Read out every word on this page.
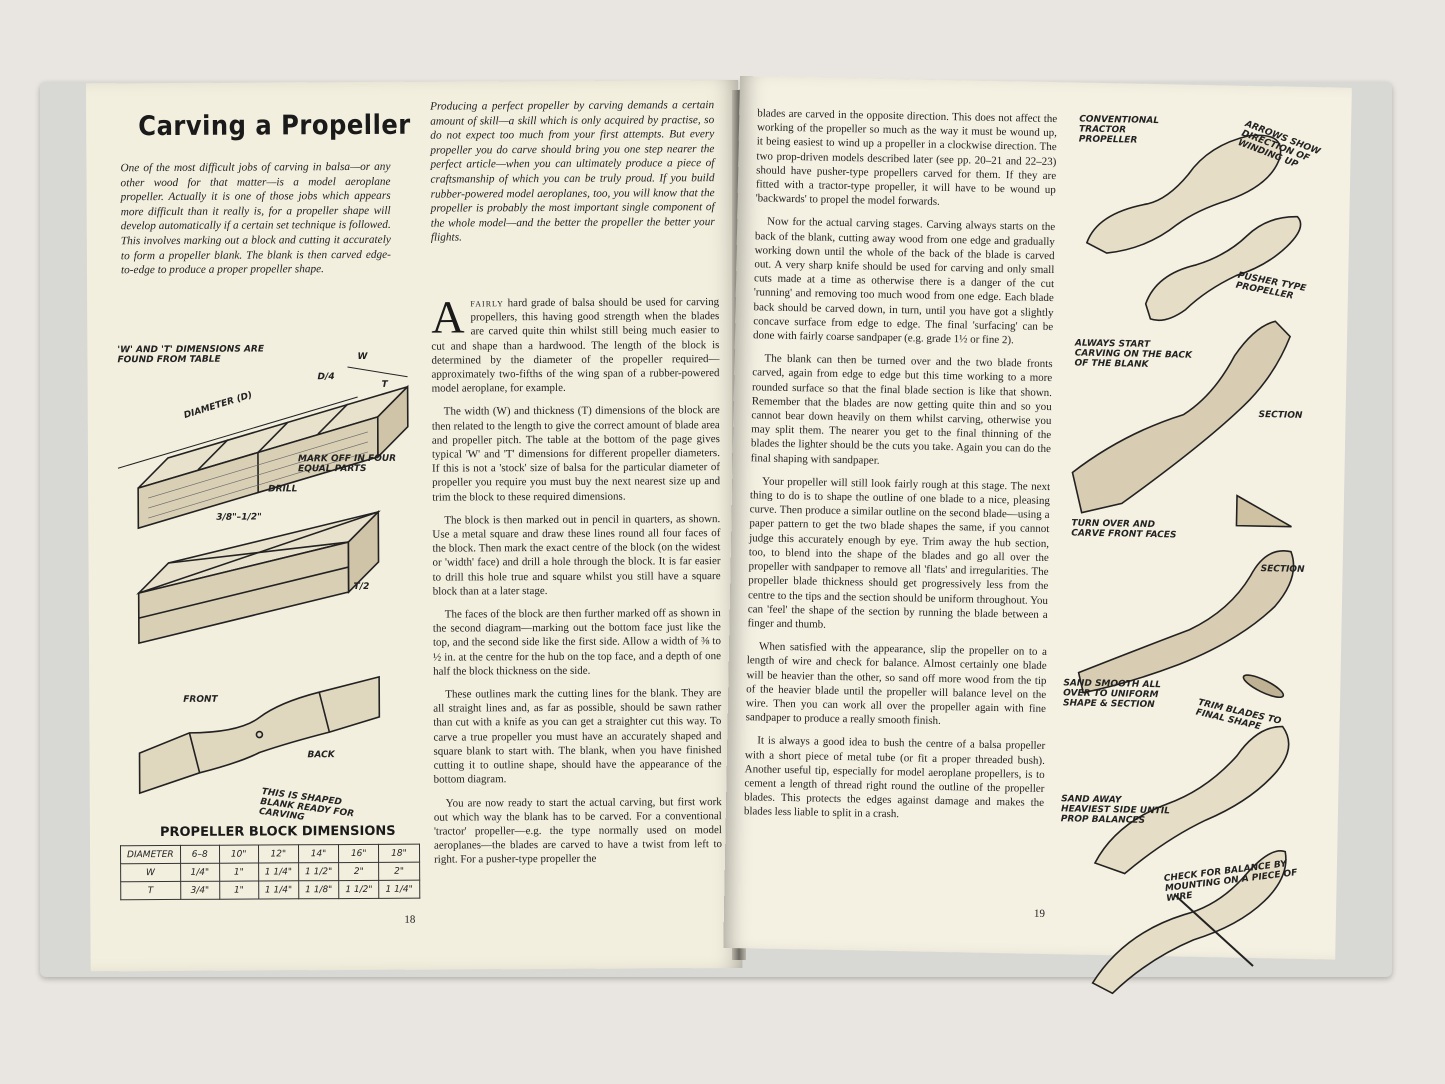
Carving a Propeller
One of the most difficult jobs of carving in balsa—or any other wood for that matter—is a model aeroplane propeller. Actually it is one of those jobs which appears more difficult than it really is, for a propeller shape will develop automatically if a certain set technique is followed. This involves marking out a block and cutting it accurately to form a propeller blank. The blank is then carved edge-to-edge to produce a proper propeller shape.
Producing a perfect propeller by carving demands a certain amount of skill—a skill which is only acquired by practise, so do not expect too much from your first attempts. But every propeller you do carve should bring you one step nearer the perfect article—when you can ultimately produce a piece of craftsmanship of which you can be truly proud. If you build rubber-powered model aeroplanes, too, you will know that the propeller is probably the most important single component of the whole model—and the better the propeller the better your flights.

Afairly hard grade of balsa should be used for carving propellers, this having good strength when the blades are carved quite thin whilst still being much easier to cut and shape than a hardwood. The length of the block is determined by the diameter of the propeller required—approximately two-fifths of the wing span of a rubber-powered model aeroplane, for example.

The width (W) and thickness (T) dimensions of the block are then related to the length to give the correct amount of blade area and propeller pitch. The table at the bottom of the page gives typical 'W' and 'T' dimensions for different propeller diameters. If this is not a 'stock' size of balsa for the particular diameter of propeller you require you must buy the next nearest size up and trim the block to these required dimensions.

The block is then marked out in pencil in quarters, as shown. Use a metal square and draw these lines round all four faces of the block. Then mark the exact centre of the block (on the widest or 'width' face) and drill a hole through the block. It is far easier to drill this hole true and square whilst you still have a square block than at a later stage.

The faces of the block are then further marked off as shown in the second diagram—marking out the bottom face just like the top, and the second side like the first side. Allow a width of ⅜ to ½ in. at the centre for the hub on the top face, and a depth of one half the block thickness on the side.

These outlines mark the cutting lines for the blank. They are all straight lines and, as far as possible, should be sawn rather than cut with a knife as you can get a straighter cut this way. To carve a true propeller you must have an accurately shaped and square blank to start with. The blank, when you have finished cutting it to outline shape, should have the appearance of the bottom diagram.

You are now ready to start the actual carving, but first work out which way the blank has to be carved. For a conventional 'tractor' propeller—e.g. the type normally used on model aeroplanes—the blades are carved to have a twist from left to right. For a pusher-type propeller the

'W' AND 'T' DIMENSIONS ARE FOUND FROM TABLE	W
T
DIAMETER (D)
D/4
MARK OFF IN FOUR EQUAL PARTS
DRILL
3/8"–1/2"
T/2
FRONT
BACK
THIS IS SHAPED BLANK READY FOR CARVING
PROPELLER BLOCK DIMENSIONS
DIAMETER	6–8	10"	12"	14"	16"	18"
W	1/4"	1"	1 1/4"	1 1/2"	2"	2"
T	3/4"	1"	1 1/4"	1 1/8"	1 1/2"	1 1/4"
18

blades are carved in the opposite direction. This does not affect the working of the propeller so much as the way it must be wound up, it being easiest to wind up a propeller in a clockwise direction. The two prop-driven models described later (see pp. 20–21 and 22–23) should have pusher-type propellers carved for them. If they are fitted with a tractor-type propeller, it will have to be wound up 'backwards' to propel the model forwards.

Now for the actual carving stages. Carving always starts on the back of the blank, cutting away wood from one edge and gradually working down until the whole of the back of the blade is carved out. A very sharp knife should be used for carving and only small cuts made at a time as otherwise there is a danger of the cut 'running' and removing too much wood from one edge. Each blade back should be carved down, in turn, until you have got a slightly concave surface from edge to edge. The final 'surfacing' can be done with fairly coarse sandpaper (e.g. grade 1½ or fine 2).

The blank can then be turned over and the two blade fronts carved, again from edge to edge but this time working to a more rounded surface so that the final blade section is like that shown. Remember that the blades are now getting quite thin and so you cannot bear down heavily on them whilst carving, otherwise you may split them. The nearer you get to the final thinning of the blades the lighter should be the cuts you take. Again you can do the final shaping with sandpaper.

Your propeller will still look fairly rough at this stage. The next thing to do is to shape the outline of one blade to a nice, pleasing curve. Then produce a similar outline on the second blade—using a paper pattern to get the two blade shapes the same, if you cannot judge this accurately enough by eye. Trim away the hub section, too, to blend into the shape of the blades and go all over the propeller with sandpaper to remove all 'flats' and irregularities. The propeller blade thickness should get progressively less from the centre to the tips and the section should be uniform throughout. You can 'feel' the shape of the section by running the blade between a finger and thumb.

When satisfied with the appearance, slip the propeller on to a length of wire and check for balance. Almost certainly one blade will be heavier than the other, so sand off more wood from the tip of the heavier blade until the propeller will balance level on the wire. Then you can work all over the propeller again with fine sandpaper to produce a really smooth finish.

It is always a good idea to bush the centre of a balsa propeller with a short piece of metal tube (or fit a proper threaded bush). Another useful tip, especially for model aeroplane propellers, is to cement a length of thread right round the outline of the propeller blades. This protects the edges against damage and makes the blades less liable to split in a crash.

CONVENTIONAL TRACTOR PROPELLER	ARROWS SHOW DIRECTION OF WINDING UP
PUSHER TYPE PROPELLER
ALWAYS START CARVING ON THE BACK OF THE BLANK
SECTION
TURN OVER AND CARVE FRONT FACES
SECTION
SAND SMOOTH ALL OVER TO UNIFORM SHAPE & SECTION	TRIM BLADES TO FINAL SHAPE
SAND AWAY HEAVIEST SIDE UNTIL PROP BALANCES
CHECK FOR BALANCE BY MOUNTING ON A PIECE OF WIRE
19
